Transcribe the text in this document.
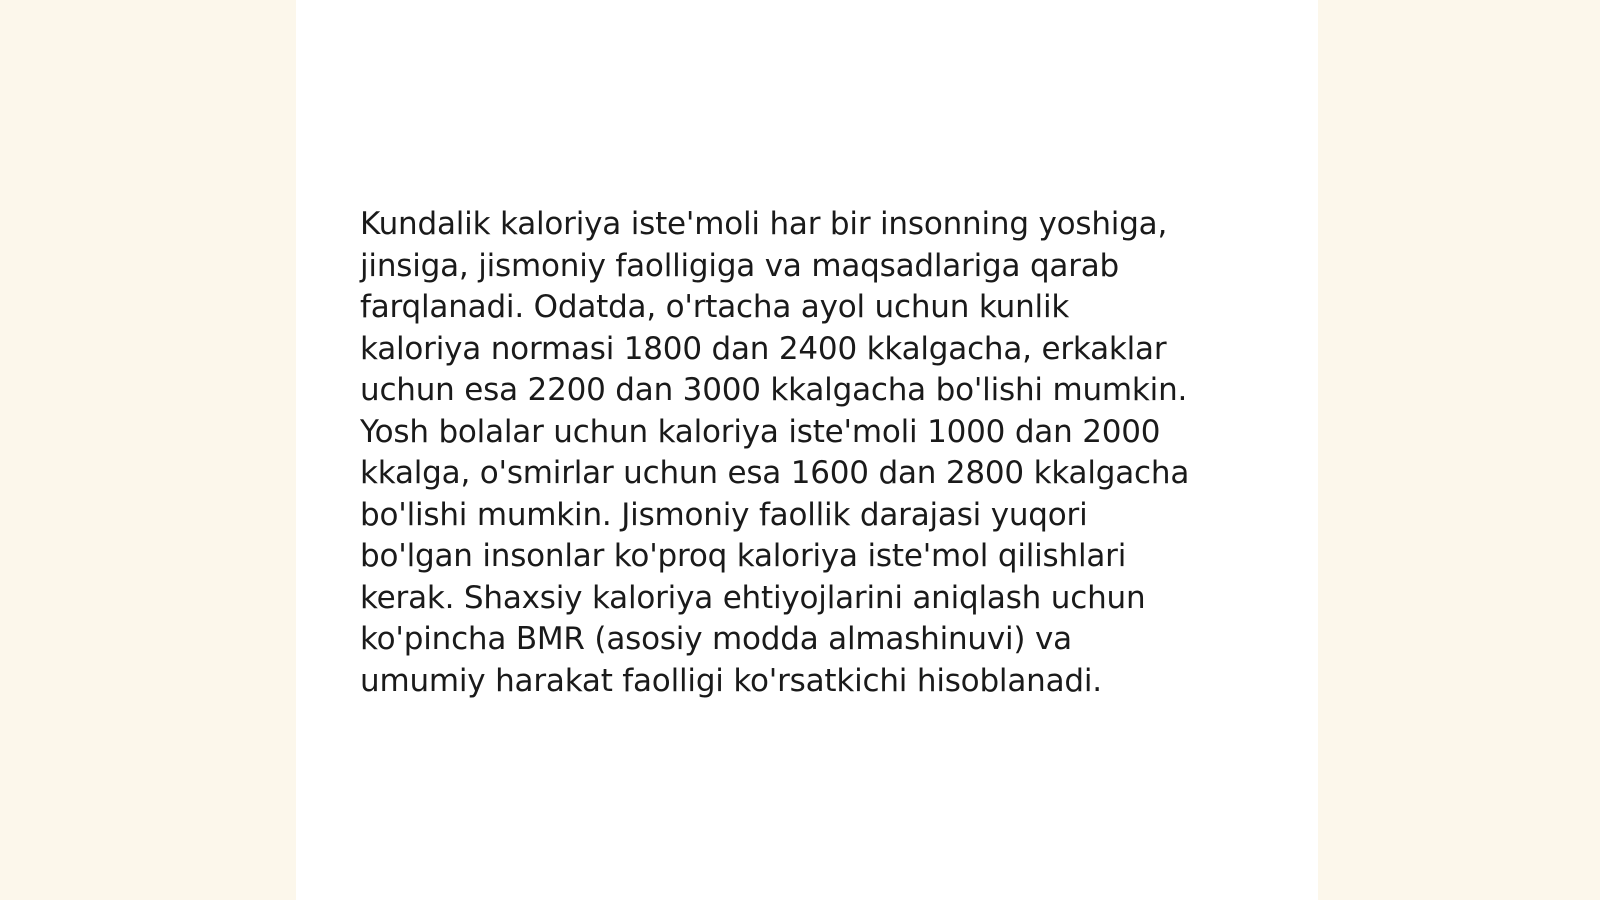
Kundalik kaloriya iste'moli har bir insonning yoshiga,
jinsiga, jismoniy faolligiga va maqsadlariga qarab
farqlanadi. Odatda, o'rtacha ayol uchun kunlik
kaloriya normasi 1800 dan 2400 kkalgacha, erkaklar
uchun esa 2200 dan 3000 kkalgacha bo'lishi mumkin.
Yosh bolalar uchun kaloriya iste'moli 1000 dan 2000
kkalga, o'smirlar uchun esa 1600 dan 2800 kkalgacha
bo'lishi mumkin. Jismoniy faollik darajasi yuqori
bo'lgan insonlar ko'proq kaloriya iste'mol qilishlari
kerak. Shaxsiy kaloriya ehtiyojlarini aniqlash uchun
ko'pincha BMR (asosiy modda almashinuvi) va
umumiy harakat faolligi ko'rsatkichi hisoblanadi.
